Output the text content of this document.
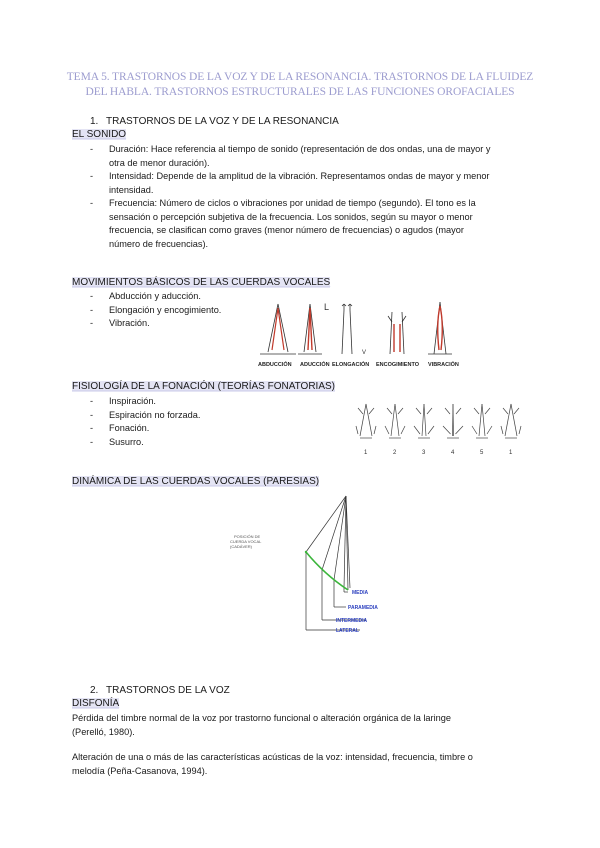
TEMA 5. TRASTORNOS DE LA VOZ Y DE LA RESONANCIA. TRASTORNOS DE LA FLUIDEZ DEL HABLA. TRASTORNOS ESTRUCTURALES DE LAS FUNCIONES OROFACIALES
1. TRASTORNOS DE LA VOZ Y DE LA RESONANCIA
EL SONIDO
- Duración: Hace referencia al tiempo de sonido (representación de dos ondas, una de mayor y
otra de menor duración).
- Intensidad: Depende de la amplitud de la vibración. Representamos ondas de mayor y menor
intensidad.
- Frecuencia: Número de ciclos o vibraciones por unidad de tiempo (segundo). El tono es la
sensación o percepción subjetiva de la frecuencia. Los sonidos, según su mayor o menor
frecuencia, se clasifican como graves (menor número de frecuencias) o agudos (mayor
número de frecuencias).
MOVIMIENTOS BÁSICOS DE LAS CUERDAS VOCALES
- Abducción y aducción.
- Elongación y encogimiento.
- Vibración.
L
V
ABDUCCIÓN ADUCCIÓN ELONGACIÓN ENCOGIMIENTO VIBRACIÓN
FISIOLOGÍA DE LA FONACIÓN (TEORÍAS FONATORIAS)
- Inspiración.
- Espiración no forzada.
- Fonación.
- Susurro.
1	2	3	4	5	1
DINÁMICA DE LAS CUERDAS VOCALES (PARESIAS)
POSICIÓN DE
CUERDA VOCAL
(CADÁVER)
MEDIA
PARAMEDIA
INTERMEDIA
LATERAL
2. TRASTORNOS DE LA VOZ
DISFONÍA
Pérdida del timbre normal de la voz por trastorno funcional o alteración orgánica de la laringe
(Perelló, 1980).
Alteración de una o más de las características acústicas de la voz: intensidad, frecuencia, timbre o
melodía (Peña-Casanova, 1994).
